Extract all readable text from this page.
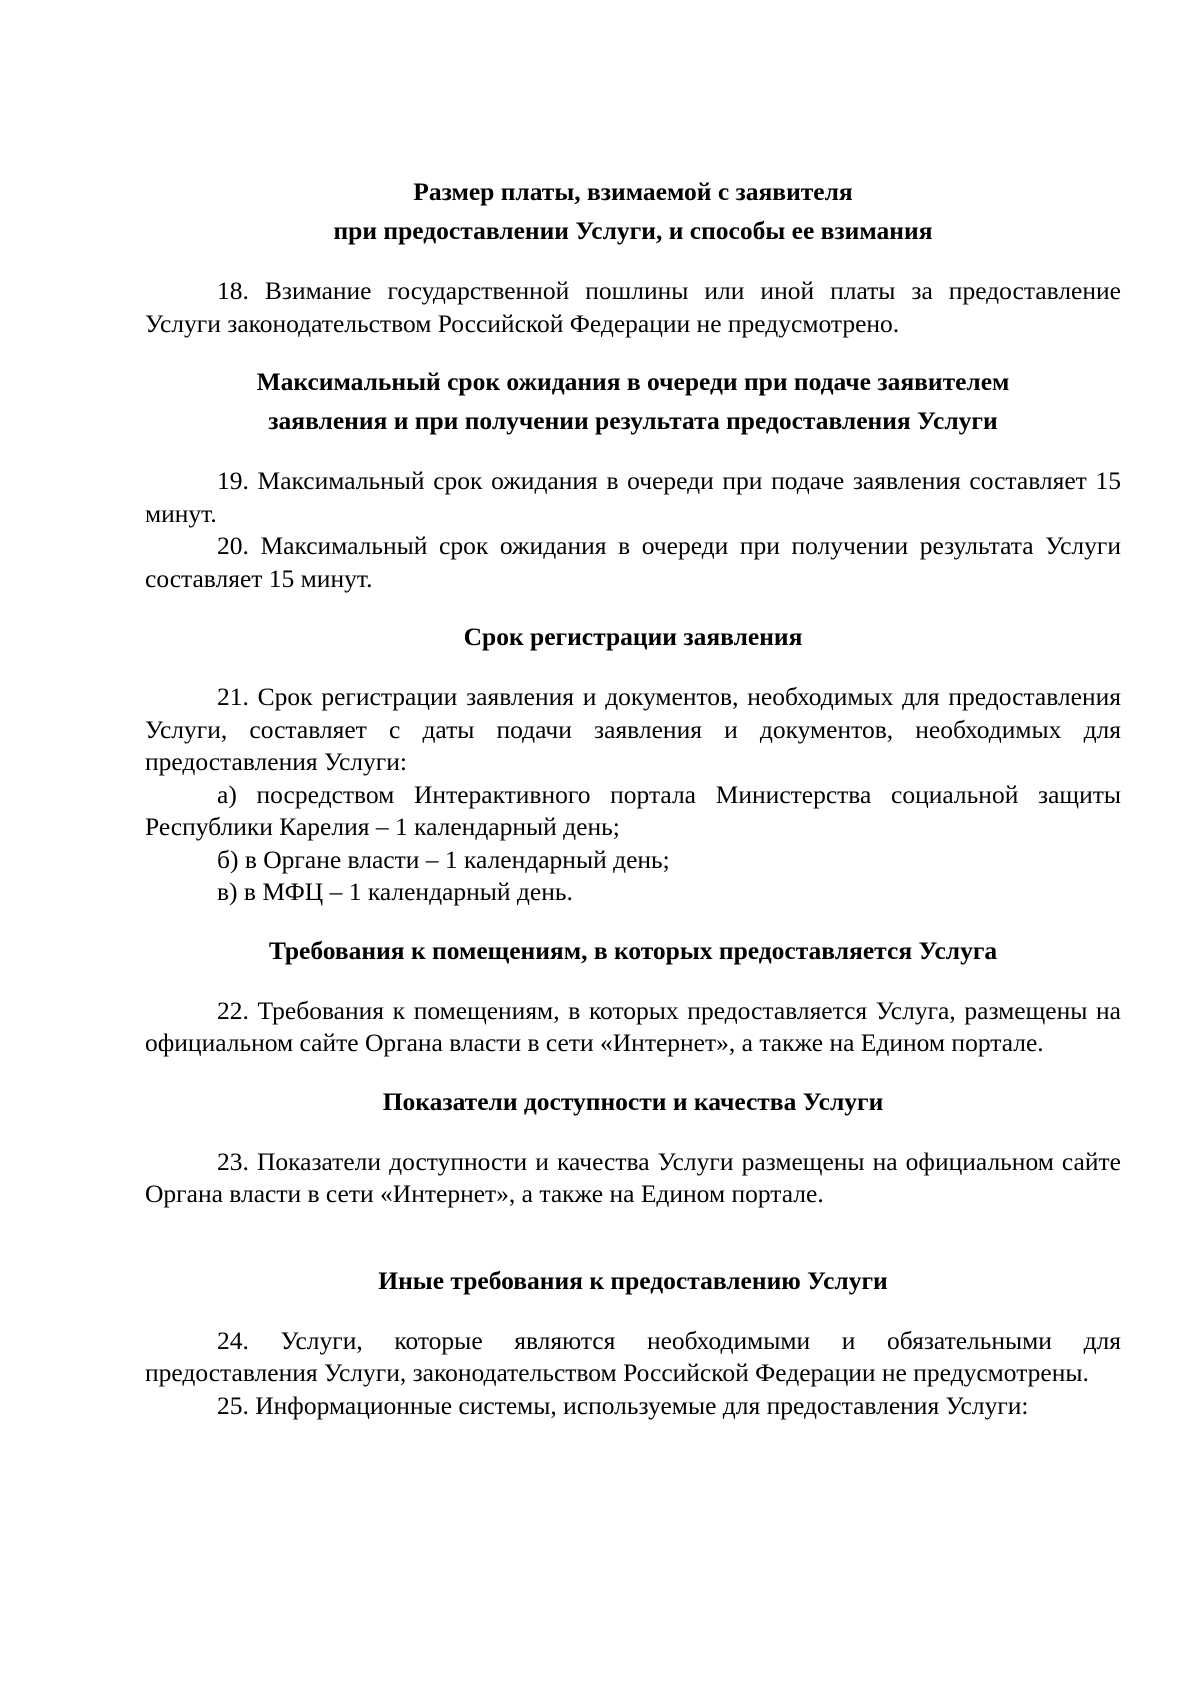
Размер платы, взимаемой с заявителя

при предоставлении Услуги, и способы ее взимания

18. Взимание государственной пошлины или иной платы за предоставление Услуги законодательством Российской Федерации не предусмотрено.

Максимальный срок ожидания в очереди при подаче заявителем

заявления и при получении результата предоставления Услуги

19. Максимальный срок ожидания в очереди при подаче заявления составляет 15 минут.

20. Максимальный срок ожидания в очереди при получении результата Услуги составляет 15 минут.

Срок регистрации заявления

21. Срок регистрации заявления и документов, необходимых для предоставления Услуги, составляет с даты подачи заявления и документов, необходимых для предоставления Услуги:

а) посредством Интерактивного портала Министерства социальной защиты Республики Карелия – 1 календарный день;

б) в Органе власти – 1 календарный день;

в) в МФЦ – 1 календарный день.

Требования к помещениям, в которых предоставляется Услуга

22. Требования к помещениям, в которых предоставляется Услуга, размещены на официальном сайте Органа власти в сети «Интернет», а также на Едином портале.

Показатели доступности и качества Услуги

23. Показатели доступности и качества Услуги размещены на официальном сайте Органа власти в сети «Интернет», а также на Едином портале.

Иные требования к предоставлению Услуги

24. Услуги, которые являются необходимыми и обязательными для предоставления Услуги, законодательством Российской Федерации не предусмотрены.

25. Информационные системы, используемые для предоставления Услуги:
